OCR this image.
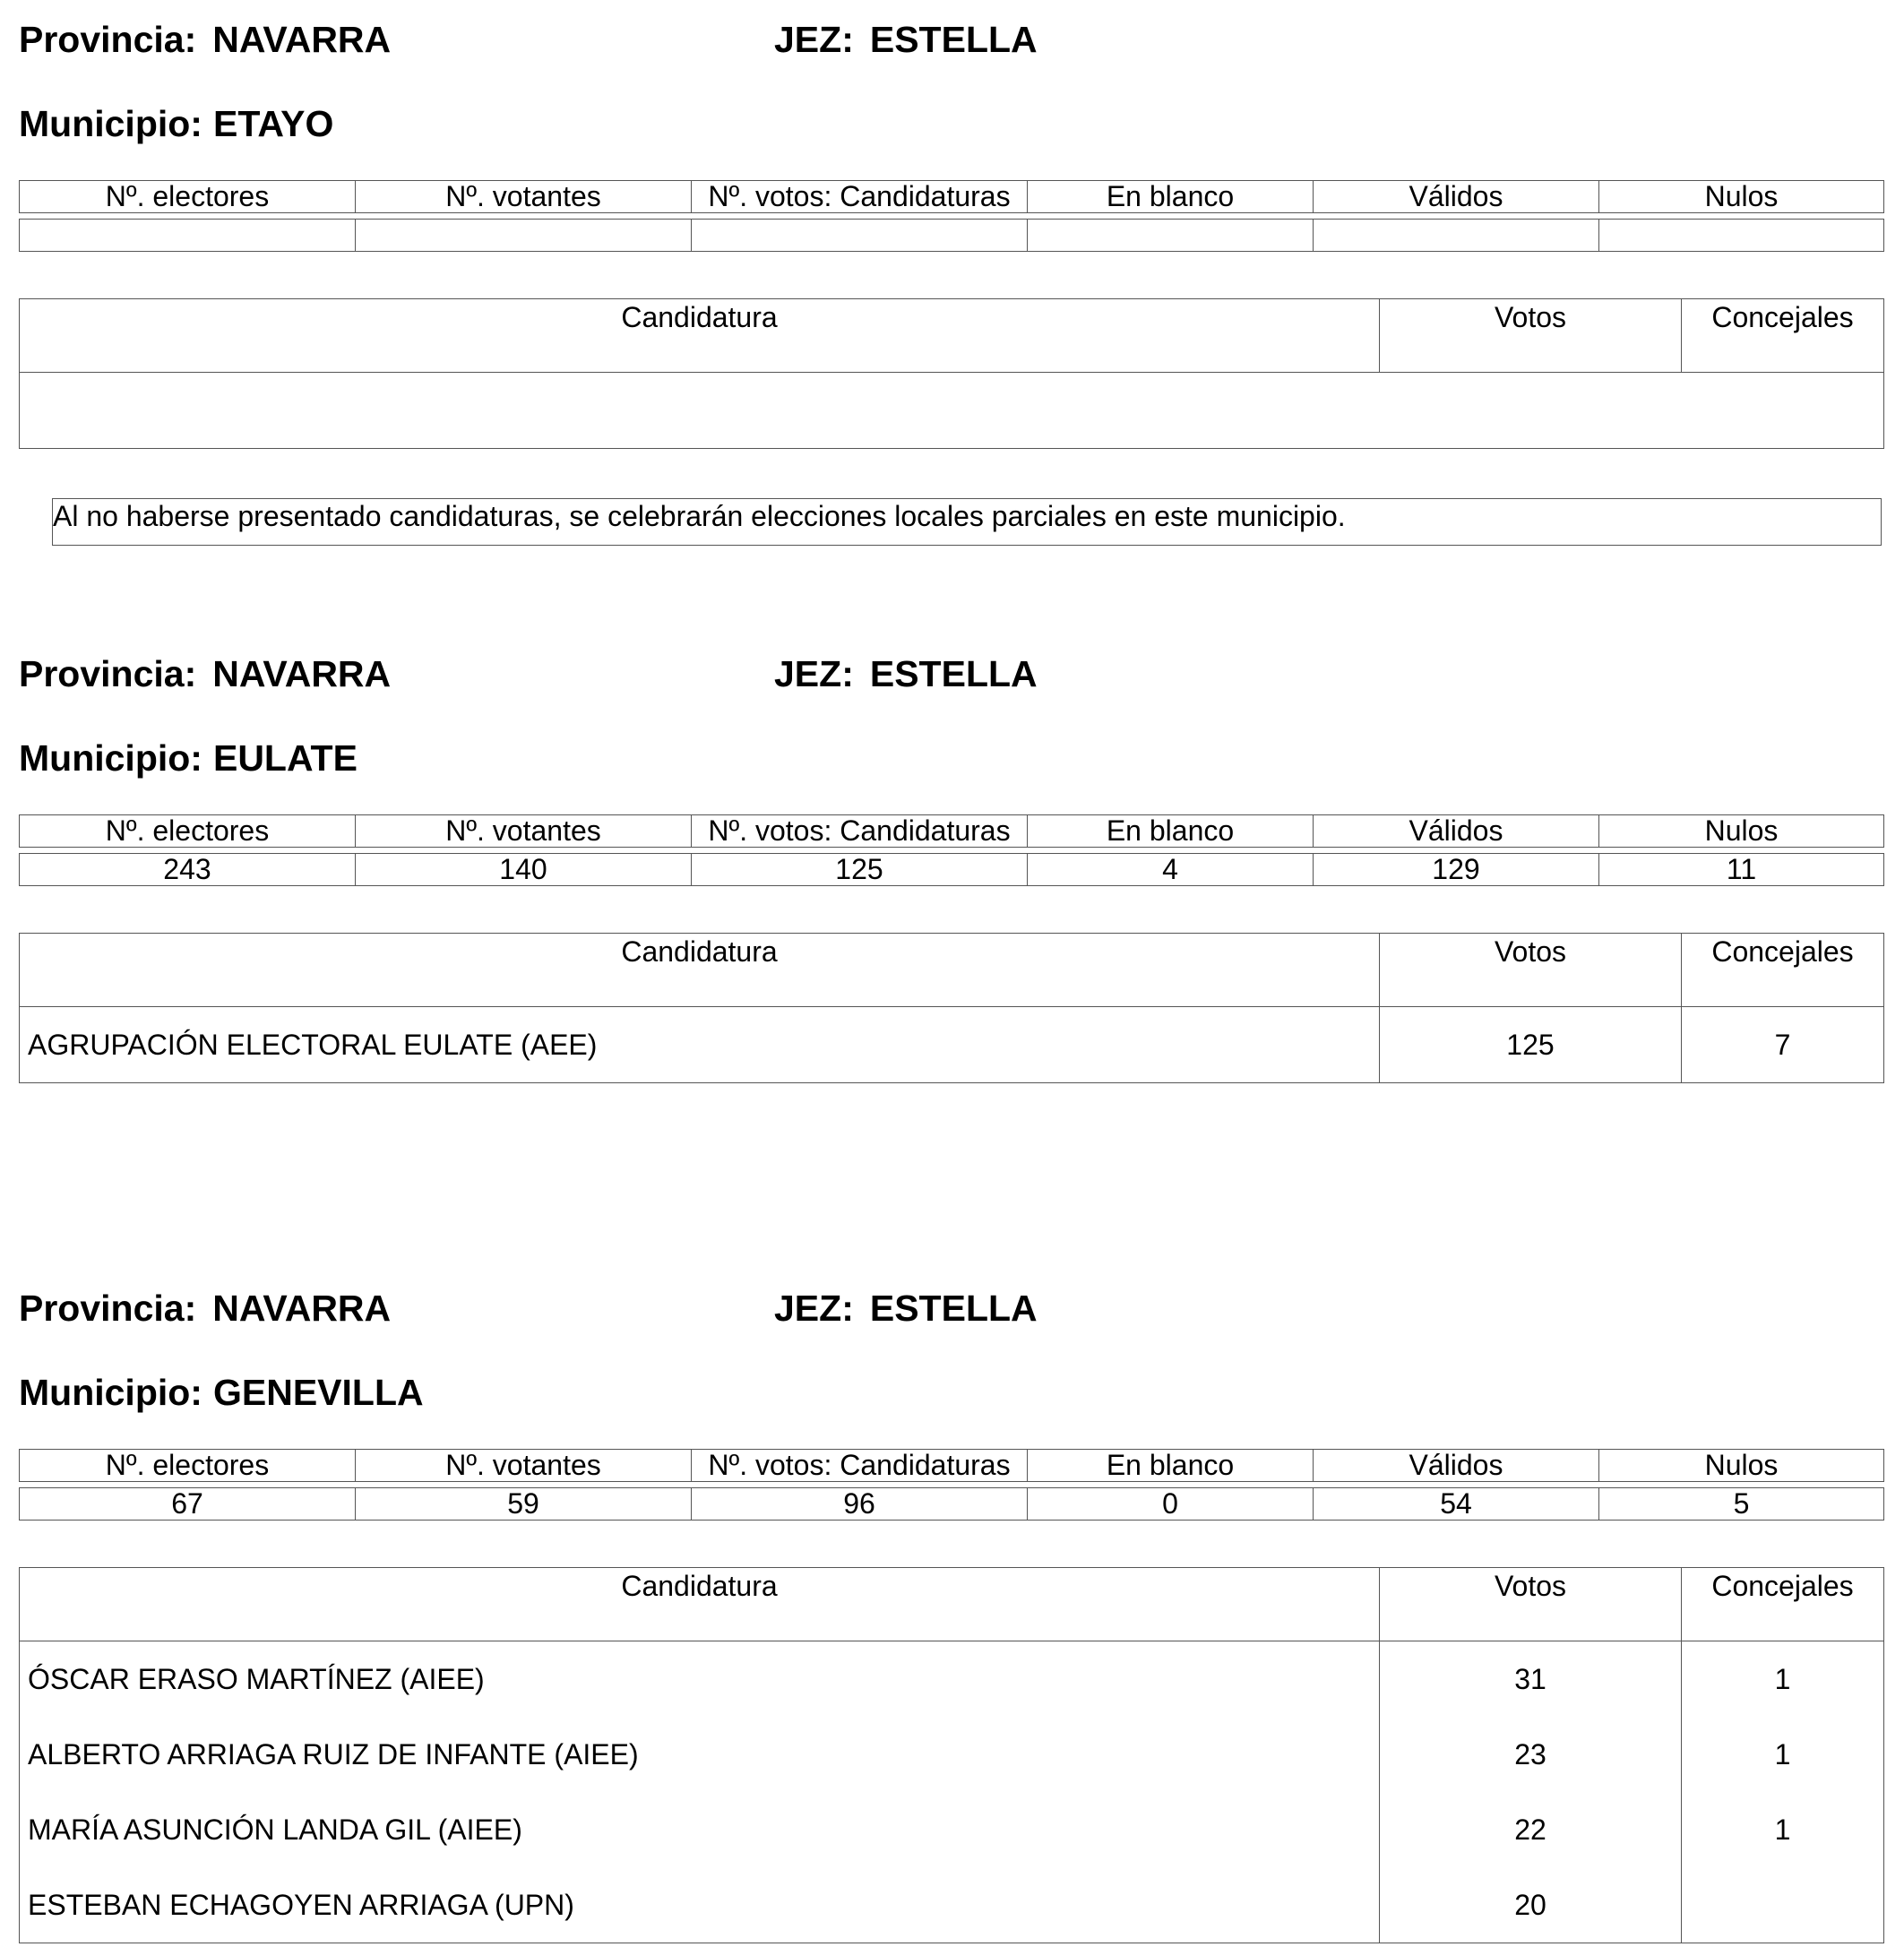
Provincia: NAVARRA	JEZ: ESTELLA
Municipio: ETAYO
Nº. electores	Nº. votantes	Nº. votos: Candidaturas	En blanco	Válidos	Nulos

Candidatura	Votos	Concejales

Al no haberse presentado candidaturas, se celebrarán elecciones locales parciales en este municipio.
Provincia: NAVARRA	JEZ: ESTELLA
Municipio: EULATE
Nº. electores	Nº. votantes	Nº. votos: Candidaturas	En blanco	Válidos	Nulos

243	140	125	4	129	11
Candidatura	Votos	Concejales
AGRUPACIÓN ELECTORAL EULATE (AEE)	125	7
Provincia: NAVARRA	JEZ: ESTELLA
Municipio: GENEVILLA
Nº. electores	Nº. votantes	Nº. votos: Candidaturas	En blanco	Válidos	Nulos

67	59	96	0	54	5
Candidatura	Votos	Concejales
ÓSCAR ERASO MARTÍNEZ (AIEE)	31	1
ALBERTO ARRIAGA RUIZ DE INFANTE (AIEE)	23	1
MARÍA ASUNCIÓN LANDA GIL (AIEE)	22	1
ESTEBAN ECHAGOYEN ARRIAGA (UPN)	20	
